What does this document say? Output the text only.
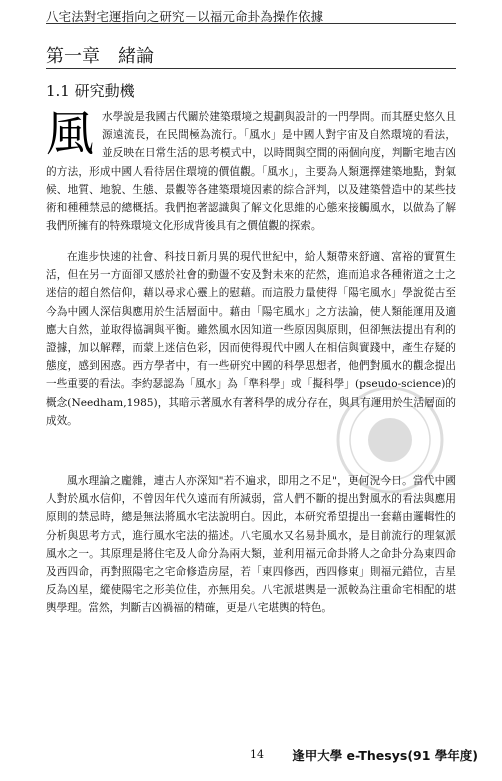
八宅法對宅運指向之研究－以福元命卦為操作依據
第一章　緒論
1.1 研究動機

風 水學說是我國古代關於建築環境之規劃與設計的一門學問。而其歷史悠久且源遠流長，在民間極為流行。「風水」是中國人對宇宙及自然環境的看法，並反映在日常生活的思考模式中，以時間與空間的兩個向度，判斷宅地吉凶的方法，形成中國人看待居住環境的價值觀。「風水」，主要為人類選擇建築地點，對氣候、地質、地貌、生態、景觀等各建築環境因素的綜合評判，以及建築營造中的某些技術和種種禁忌的總概括。我們抱著認識與了解文化思維的心態來接觸風水，以做為了解我們所擁有的特殊環境文化形成背後具有之價值觀的探索。

在進步快速的社會、科技日新月異的現代世紀中，給人類帶來舒適、富裕的實質生活，但在另一方面卻又感於社會的動盪不安及對未來的茫然，進而追求各種術道之士之迷信的超自然信仰，藉以尋求心靈上的慰藉。而這股力量使得「陽宅風水」學說從古至今為中國人深信與應用於生活層面中。藉由「陽宅風水」之方法論，使人類能運用及適應大自然，並取得協調與平衡。雖然風水因知道一些原因與原則，但卻無法提出有利的證據，加以解釋，而蒙上迷信色彩，因而使得現代中國人在相信與實踐中，產生存疑的態度，感到困惑。西方學者中，有一些研究中國的科學思想者，他們對風水的觀念提出一些重要的看法。李約瑟認為「風水」為「準科學」或「擬科學」(pseudo-science)的概念(Needham,1985)，其暗示著風水有著科學的成分存在，與具有運用於生活層面的成效。

風水理論之龐雜，連古人亦深知"若不遍求，即用之不足"，更何況今日。當代中國人對於風水信仰，不曾因年代久遠而有所減弱，當人們不斷的提出對風水的看法與應用原則的禁忌時，總是無法將風水宅法說明白。因此，本研究希望提出一套藉由邏輯性的分析與思考方式，進行風水宅法的描述。八宅風水又名易卦風水，是目前流行的理氣派風水之一。其原理是將住宅及人命分為兩大類，並利用福元命卦將人之命卦分為東四命及西四命，再對照陽宅之宅命修造房屋，若「東四修西，西四修東」則福元錯位，吉星反為凶星，縱使陽宅之形美位佳，亦無用矣。八宅派堪輿是一派較為注重命宅相配的堪輿學理。當然，判斷吉凶禍福的精確，更是八宅堪輿的特色。

14 逢甲大學 e-Thesys(91 學年度)
